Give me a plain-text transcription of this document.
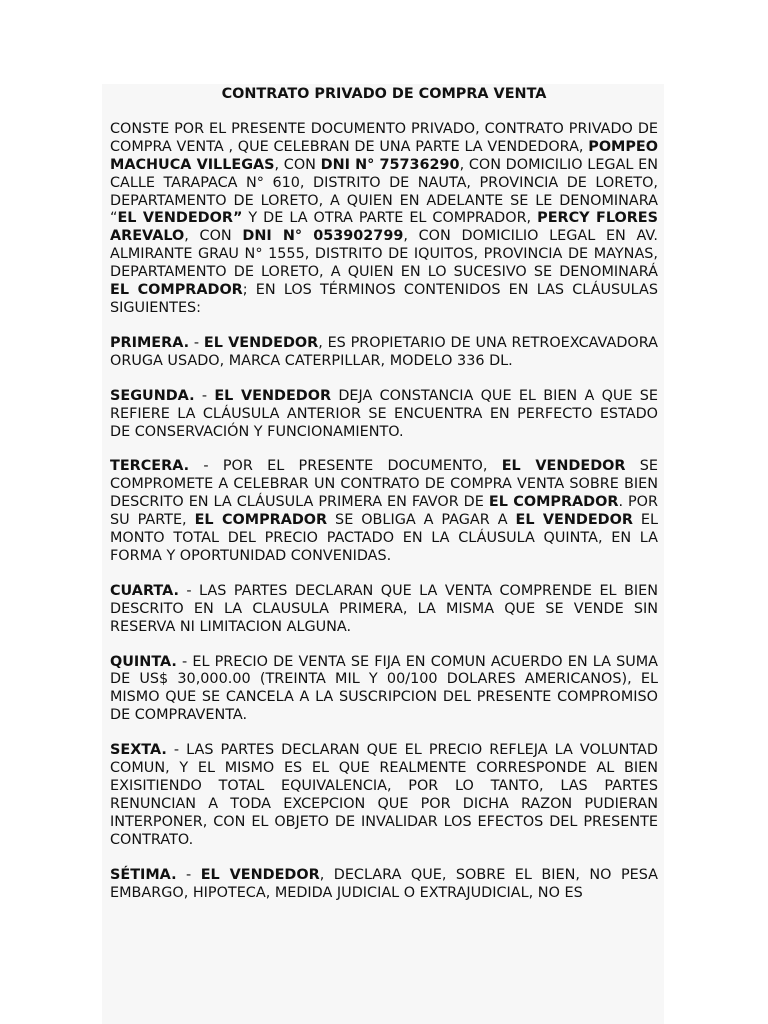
CONTRATO PRIVADO DE COMPRA VENTA

CONSTE POR EL PRESENTE DOCUMENTO PRIVADO, CONTRATO PRIVADO DE COMPRA VENTA , QUE CELEBRAN DE UNA PARTE LA VENDEDORA, POMPEO MACHUCA VILLEGAS, CON DNI N° 75736290, CON DOMICILIO LEGAL EN CALLE TARAPACA N° 610, DISTRITO DE NAUTA, PROVINCIA DE LORETO, DEPARTAMENTO DE LORETO, A QUIEN EN ADELANTE SE LE DENOMINARA “EL VENDEDOR” Y DE LA OTRA PARTE EL COMPRADOR, PERCY FLORES AREVALO, CON DNI N° 053902799, CON DOMICILIO LEGAL EN AV. ALMIRANTE GRAU N° 1555, DISTRITO DE IQUITOS, PROVINCIA DE MAYNAS, DEPARTAMENTO DE LORETO, A QUIEN EN LO SUCESIVO SE DENOMINARÁ EL COMPRADOR; EN LOS TÉRMINOS CONTENIDOS EN LAS CLÁUSULAS SIGUIENTES:

PRIMERA. - EL VENDEDOR, ES PROPIETARIO DE UNA RETROEXCAVADORA ORUGA USADO, MARCA CATERPILLAR, MODELO 336 DL.

SEGUNDA. - EL VENDEDOR DEJA CONSTANCIA QUE EL BIEN A QUE SE REFIERE LA CLÁUSULA ANTERIOR SE ENCUENTRA EN PERFECTO ESTADO DE CONSERVACIÓN Y FUNCIONAMIENTO.

TERCERA. - POR EL PRESENTE DOCUMENTO, EL VENDEDOR SE COMPROMETE A CELEBRAR UN CONTRATO DE COMPRA VENTA SOBRE BIEN DESCRITO EN LA CLÁUSULA PRIMERA EN FAVOR DE EL COMPRADOR. POR SU PARTE, EL COMPRADOR SE OBLIGA A PAGAR A EL VENDEDOR EL MONTO TOTAL DEL PRECIO PACTADO EN LA CLÁUSULA QUINTA, EN LA FORMA Y OPORTUNIDAD CONVENIDAS.

CUARTA. - LAS PARTES DECLARAN QUE LA VENTA COMPRENDE EL BIEN DESCRITO EN LA CLAUSULA PRIMERA, LA MISMA QUE SE VENDE SIN RESERVA NI LIMITACION ALGUNA.

QUINTA. - EL PRECIO DE VENTA SE FIJA EN COMUN ACUERDO EN LA SUMA DE US$ 30,000.00 (TREINTA MIL Y 00/100 DOLARES AMERICANOS), EL MISMO QUE SE CANCELA A LA SUSCRIPCION DEL PRESENTE COMPROMISO DE COMPRAVENTA.

SEXTA. - LAS PARTES DECLARAN QUE EL PRECIO REFLEJA LA VOLUNTAD COMUN, Y EL MISMO ES EL QUE REALMENTE CORRESPONDE AL BIEN EXISITIENDO TOTAL EQUIVALENCIA, POR LO TANTO, LAS PARTES RENUNCIAN A TODA EXCEPCION QUE POR DICHA RAZON PUDIERAN INTERPONER, CON EL OBJETO DE INVALIDAR LOS EFECTOS DEL PRESENTE CONTRATO.

SÉTIMA. - EL VENDEDOR, DECLARA QUE, SOBRE EL BIEN, NO PESA EMBARGO, HIPOTECA, MEDIDA JUDICIAL O EXTRAJUDICIAL, NO ES
